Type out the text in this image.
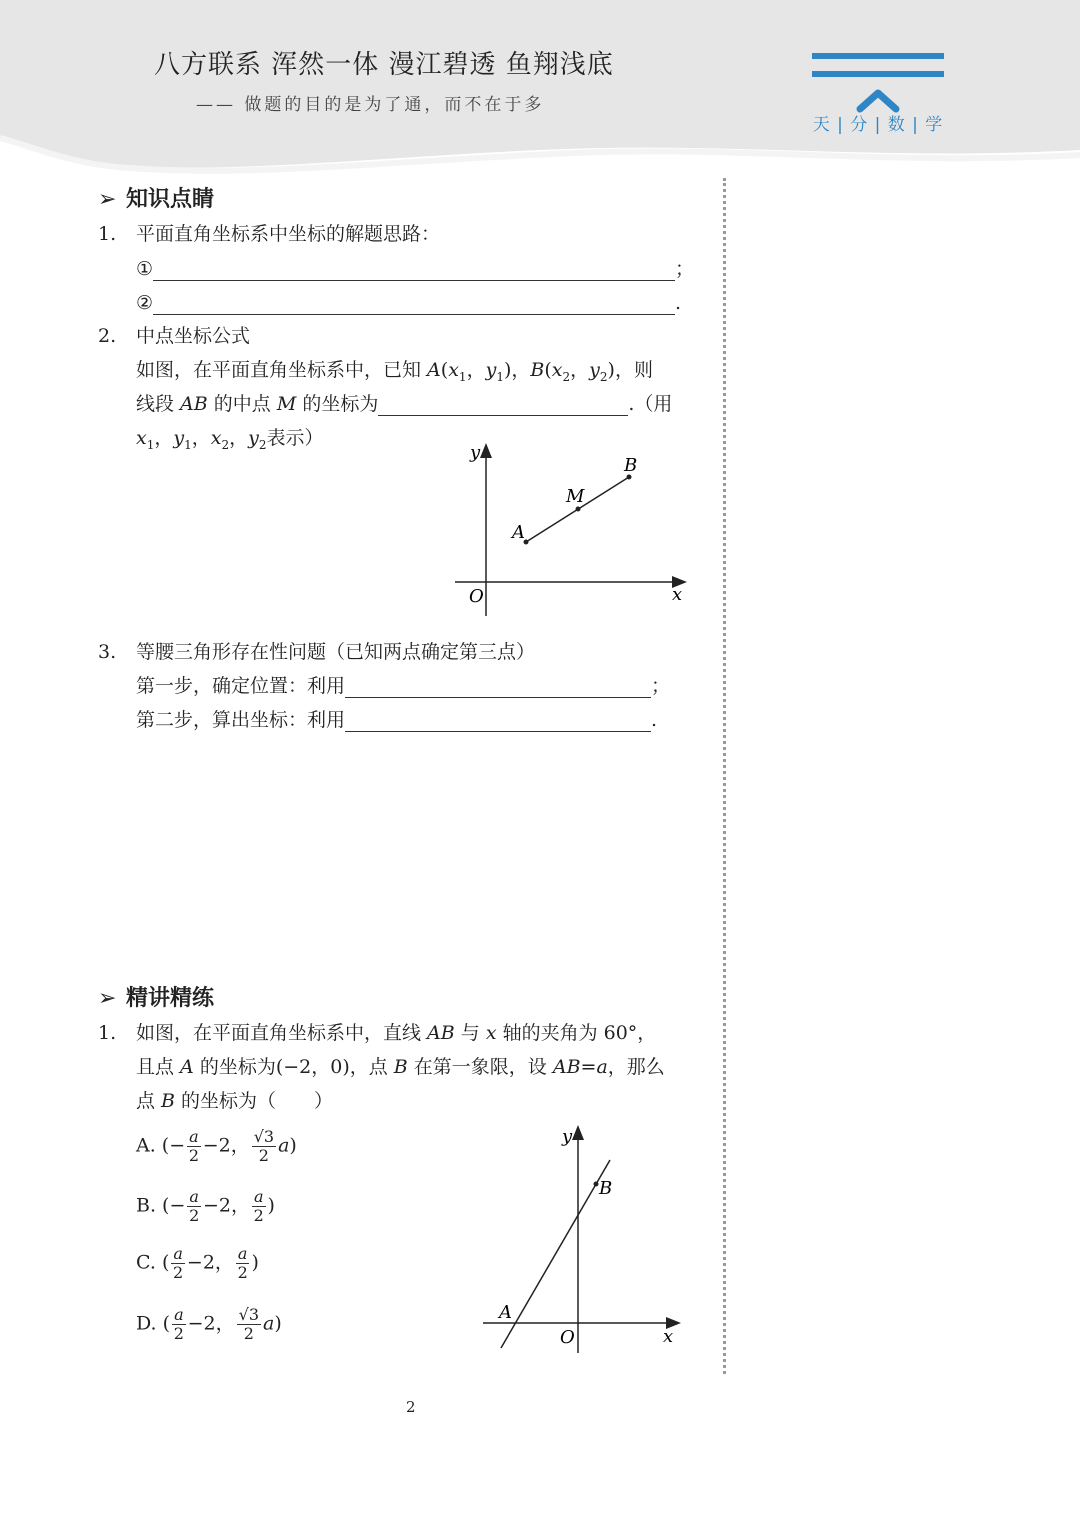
八方联系 浑然一体 漫江碧透 鱼翔浅底
—— 做题的目的是为了通，而不在于多
天 | 分 | 数 | 学
➢ 知识点睛
1. 平面直角坐标系中坐标的解题思路：
①	；
②	.
2. 中点坐标公式
如图，在平面直角坐标系中，已知 $A(x_1$，$y_1$)，$B(x_2$，$y_2$)，则
线段 AB 的中点 M 的坐标为	.（用
$x_1$，$y_1$，$x_2$，$y_2$表示）
y
x
O
A
M
B
3. 等腰三角形存在性问题（已知两点确定第三点）
第一步，确定位置：利用	；
第二步，算出坐标：利用	.
➢ 精讲精练
1. 如图，在平面直角坐标系中，直线 AB 与 x 轴的夹角为 60°，
且点 A 的坐标为(−2，0)，点 B 在第一象限，设 AB=a，那么
点 B 的坐标为（　　）
A. (− $\frac{a}{2} -2$， $\frac{√3}{2} a$)
B. (− $\frac{a}{2} -2$， $\frac{a}{2}$ )
C. ( $\frac{a}{2} -2$， $\frac{a}{2}$ )
D. ( $\frac{a}{2} -2$， $\frac{√3}{2} a$)
y
x
O
A
B
2
